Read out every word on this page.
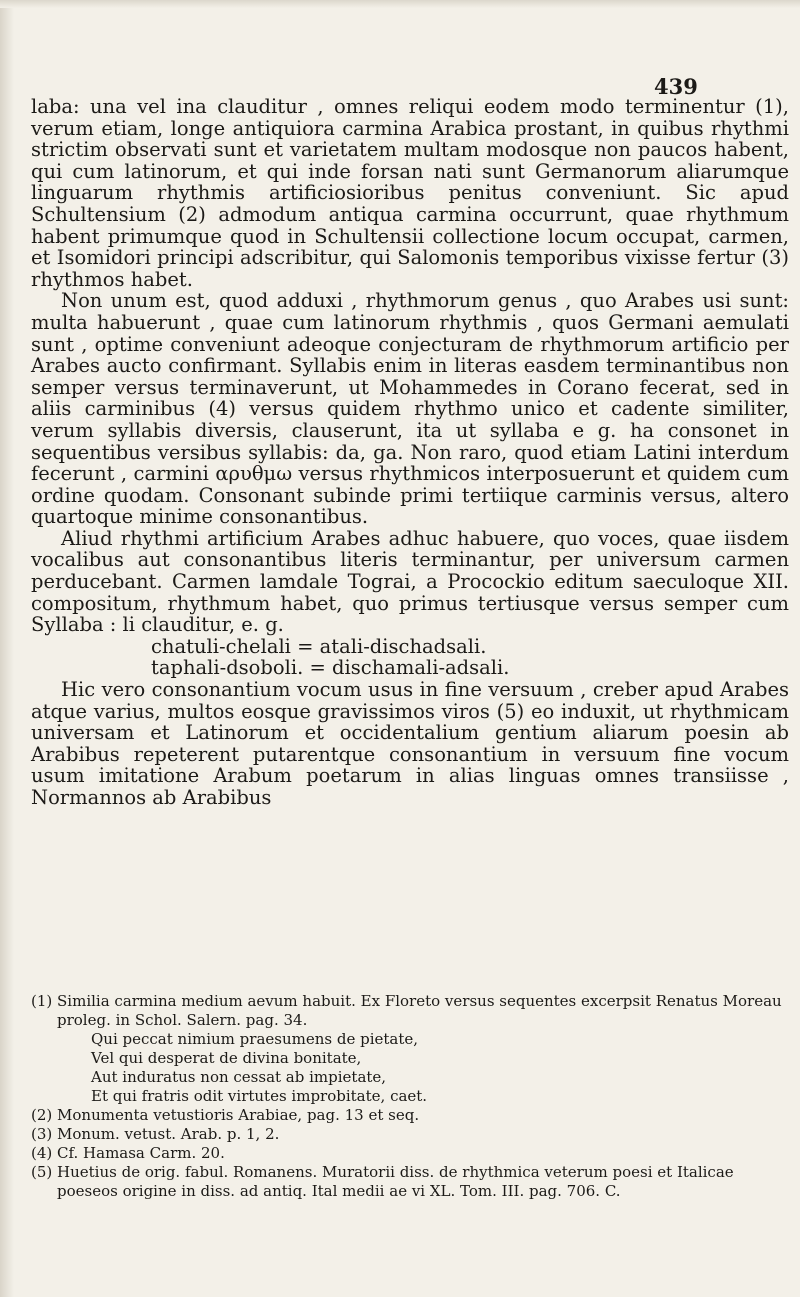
439

laba: una vel ina clauditur , omnes reliqui eodem modo terminentur (1), verum etiam, longe antiquiora carmina Arabica prostant, in quibus rhythmi strictim observati sunt et varietatem multam modosque non paucos habent, qui cum latinorum, et qui inde forsan nati sunt Germanorum aliarumque linguarum rhythmis artificiosioribus penitus conveniunt. Sic apud Schultensium (2) admodum antiqua carmina occurrunt, quae rhythmum habent primumque quod in Schultensii collectione locum occupat, carmen, et Isomidori principi adscribitur, qui Salomonis temporibus vixisse fertur (3) rhythmos habet.

Non unum est, quod adduxi , rhythmorum genus , quo Arabes usi sunt: multa habuerunt , quae cum latinorum rhythmis , quos Germani aemulati sunt , optime conveniunt adeoque conjecturam de rhythmorum artificio per Arabes aucto confirmant. Syllabis enim in literas easdem terminantibus non semper versus terminaverunt, ut Mohammedes in Corano fecerat, sed in aliis carminibus (4) versus quidem rhythmo unico et cadente similiter, verum syllabis diversis, clauserunt, ita ut syllaba e g. ha consonet in sequentibus versibus syllabis: da, ga. Non raro, quod etiam Latini interdum fecerunt , carmini αρυθμω versus rhythmicos interposuerunt et quidem cum ordine quodam. Consonant subinde primi tertiique carminis versus, altero quartoque minime consonantibus.

Aliud rhythmi artificium Arabes adhuc habuere, quo voces, quae iisdem vocalibus aut consonantibus literis terminantur, per universum carmen perducebant. Carmen lamdale Tograi, a Procockio editum saeculoque XII. compositum, rhythmum habet, quo primus tertiusque versus semper cum Syllaba : li clauditur, e. g.

chatuli-chelali = atali-dischadsali.

taphali-dsoboli. = dischamali-adsali.

Hic vero consonantium vocum usus in fine versuum , creber apud Arabes atque varius, multos eosque gravissimos viros (5) eo induxit, ut rhythmicam universam et Latinorum et occidentalium gentium aliarum poesin ab Arabibus repeterent putarentque consonantium in versuum fine vocum usum imitatione Arabum poetarum in alias linguas omnes transiisse , Normannos ab Arabibus

(1) Similia carmina medium aevum habuit. Ex Floreto versus sequentes excerpsit Renatus Moreau proleg. in Schol. Salern. pag. 34.

Qui peccat nimium praesumens de pietate,

Vel qui desperat de divina bonitate,

Aut induratus non cessat ab impietate,

Et qui fratris odit virtutes improbitate, caet.

(2) Monumenta vetustioris Arabiae, pag. 13 et seq.

(3) Monum. vetust. Arab. p. 1, 2.

(4) Cf. Hamasa Carm. 20.

(5) Huetius de orig. fabul. Romanens. Muratorii diss. de rhythmica veterum poesi et Italicae poeseos origine in diss. ad antiq. Ital medii ae vi XL. Tom. III. pag. 706. C.
